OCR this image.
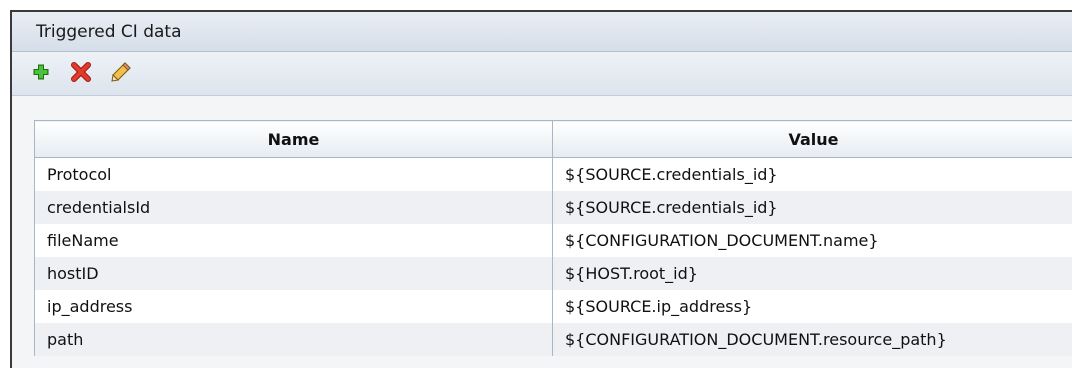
Triggered CI data
Name	Value
Protocol	${SOURCE.credentials_id}
credentialsId	${SOURCE.credentials_id}
fileName	${CONFIGURATION_DOCUMENT.name}
hostID	${HOST.root_id}
ip_address	${SOURCE.ip_address}
path	${CONFIGURATION_DOCUMENT.resource_path}
